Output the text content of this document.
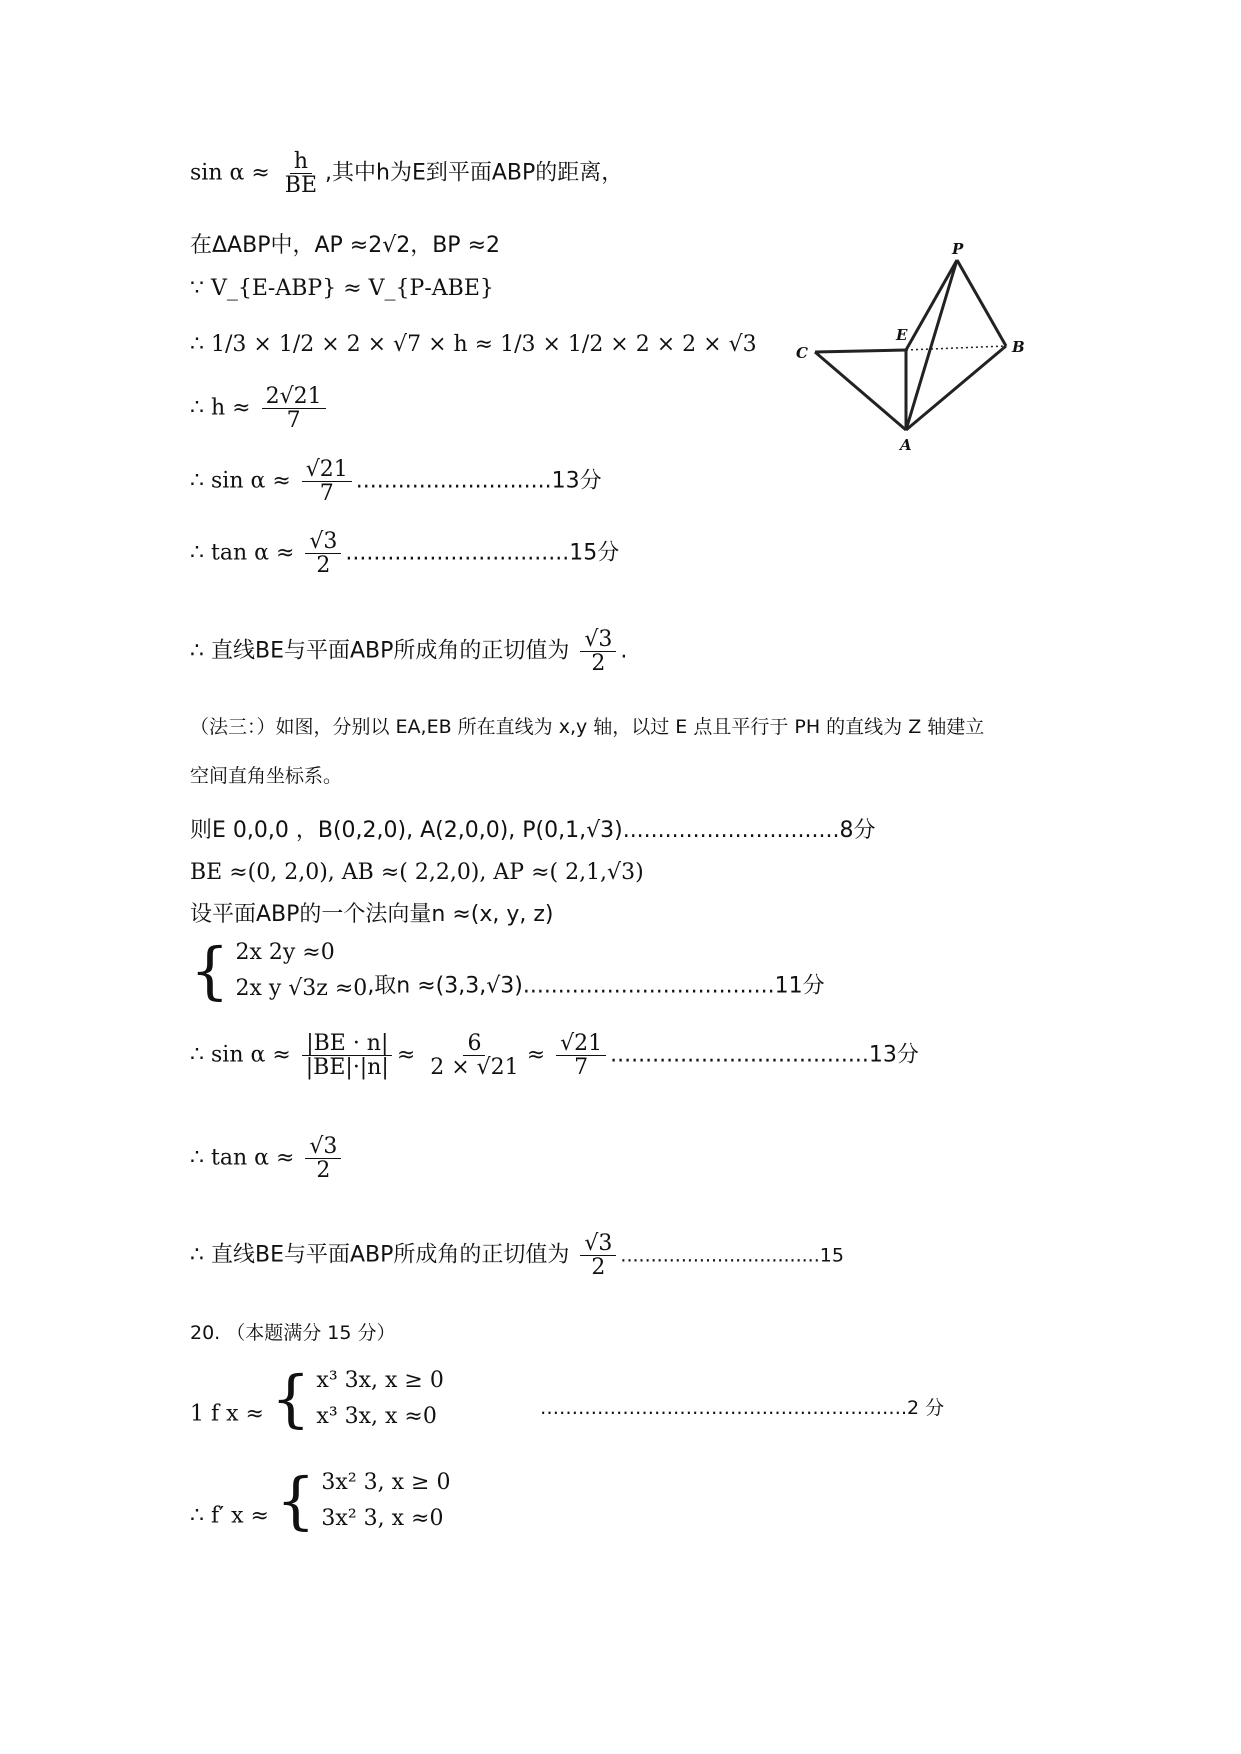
$\sin \alpha \approx \frac{h}{BE}$ ,其中h为E到平面ABP的距离，
在ΔABP中，AP ≈2√2，BP ≈2
∵ V_{E‑ABP} ≈ V_{P‑ABE}
∴ 1/3 × 1/2 × 2 × √7 × h ≈ 1/3 × 1/2 × 2 × 2 × √3
∴ $h \approx \frac{2√21}{7}$
∴ $\sin \alpha \approx \frac{√21}{7} ............................13$分
∴ $\tan \alpha \approx \frac{√3}{2} ................................15$分
∴ 直线BE与平面ABP所成角的正切值为 $\frac{√3}{2}$ .
（法三：）如图，分别以 EA,EB 所在直线为 x,y 轴，以过 E 点且平行于 PH 的直线为 Z 轴建立
空间直角坐标系。
则E 0,0,0 ，B(0,2,0), A(2,0,0), P(0,1,√3)...............................8分
BE ≈(0, 2,0), AB ≈( 2,2,0), AP ≈( 2,1,√3)
设平面ABP的一个法向量n ≈(x, y, z)
{ 2x 2y ≈0
2x y √3z ≈0 ,取n ≈(3,3,√3)....................................11分
∴ $\sin \alpha \approx \frac{|BE \cdot n|}{|BE|\cdot|n|} \approx \frac{6}{2 \times √21} \approx \frac{√21}{7} .....................................13$分
∴ $\tan \alpha \approx \frac{√3}{2}$
∴ 直线BE与平面ABP所成角的正切值为 $\frac{√3}{2} .................................15$
20. （本题满分 15 分）
1 f x ≈ { x³ 3x, x ≥ 0
x³ 3x, x ≈0	………………………………………………….2 分
∴ f′ x ≈ { 3x² 3, x ≥ 0
3x² 3, x ≈0
P
E
B
C
A
